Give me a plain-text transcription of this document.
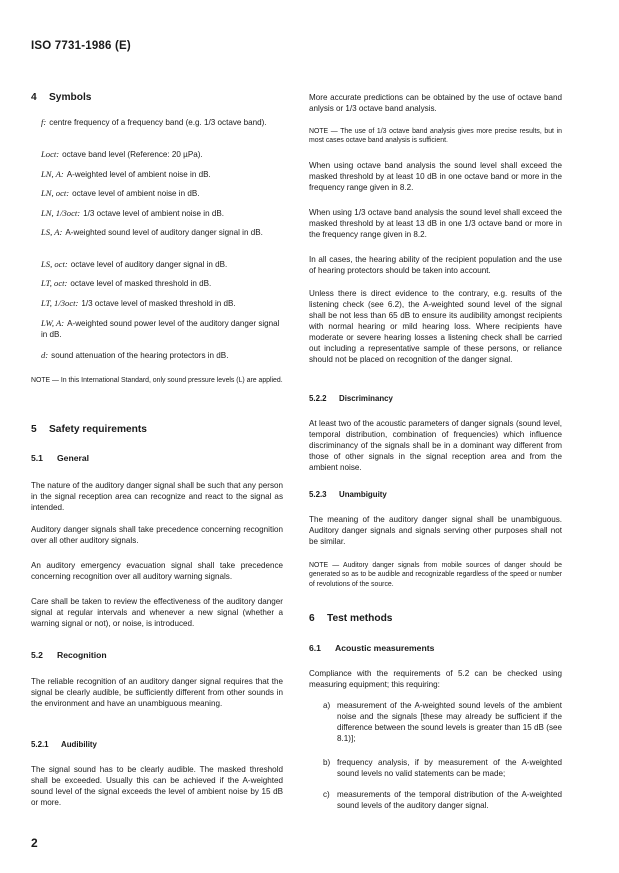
ISO 7731-1986 (E)
4 Symbols

f: centre frequency of a frequency band (e.g. 1/3 octave band).

Loct: octave band level (Reference: 20 µPa).

LN, A: A-weighted level of ambient noise in dB.

LN, oct: octave level of ambient noise in dB.

LN, 1/3oct: 1/3 octave level of ambient noise in dB.

LS, A: A-weighted sound level of auditory danger signal in dB.

LS, oct: octave level of auditory danger signal in dB.

LT, oct: octave level of masked threshold in dB.

LT, 1/3oct: 1/3 octave level of masked threshold in dB.

LW, A: A-weighted sound power level of the auditory danger signal in dB.

d: sound attenuation of the hearing protectors in dB.

NOTE — In this International Standard, only sound pressure levels (L) are applied.

5 Safety requirements
5.1 General

The nature of the auditory danger signal shall be such that any person in the signal reception area can recognize and react to the signal as intended.

Auditory danger signals shall take precedence concerning recognition over all other auditory signals.

An auditory emergency evacuation signal shall take precedence concerning recognition over all auditory warning signals.

Care shall be taken to review the effectiveness of the auditory danger signal at regular intervals and whenever a new signal (whether a warning signal or not), or noise, is introduced.

5.2 Recognition

The reliable recognition of an auditory danger signal requires that the signal be clearly audible, be sufficiently different from other sounds in the environment and have an unambiguous meaning.

5.2.1 Audibility

The signal sound has to be clearly audible. The masked threshold shall be exceeded. Usually this can be achieved if the A-weighted sound level of the signal exceeds the level of ambient noise by 15 dB or more.

More accurate predictions can be obtained by the use of octave band anlysis or 1/3 octave band analysis.

NOTE — The use of 1/3 octave band analysis gives more precise results, but in most cases octave band analysis is sufficient.

When using octave band analysis the sound level shall exceed the masked threshold by at least 10 dB in one octave band or more in the frequency range given in 8.2.

When using 1/3 octave band analysis the sound level shall exceed the masked threshold by at least 13 dB in one 1/3 octave band or more in the frequency range given in 8.2.

In all cases, the hearing ability of the recipient population and the use of hearing protectors should be taken into account.

Unless there is direct evidence to the contrary, e.g. results of the listening check (see 6.2), the A-weighted sound level of the signal shall be not less than 65 dB to ensure its audibility amongst recipients with normal hearing or mild hearing loss. Where recipients have moderate or severe hearing losses a listening check shall be carried out including a representative sample of these persons, or reliance should not be placed on recognition of the danger signal.

5.2.2 Discriminancy

At least two of the acoustic parameters of danger signals (sound level, temporal distribution, combination of frequencies) which influence discriminancy of the signals shall be in a dominant way different from those of other signals in the signal reception area and from the ambient noise.

5.2.3 Unambiguity

The meaning of the auditory danger signal shall be unambiguous. Auditory danger signals and signals serving other purposes shall not be similar.

NOTE — Auditory danger signals from mobile sources of danger should be generated so as to be audible and recognizable regardless of the speed or number of revolutions of the source.

6 Test methods
6.1 Acoustic measurements

Compliance with the requirements of 5.2 can be checked using measuring equipment; this requiring:

a) measurement of the A-weighted sound levels of the ambient noise and the signals [these may already be sufficient if the difference between the sound levels is greater than 15 dB (see 8.1)];
b) frequency analysis, if by measurement of the A-weighted sound levels no valid statements can be made;
c) measurements of the temporal distribution of the A-weighted sound levels of the auditory danger signal.
2
